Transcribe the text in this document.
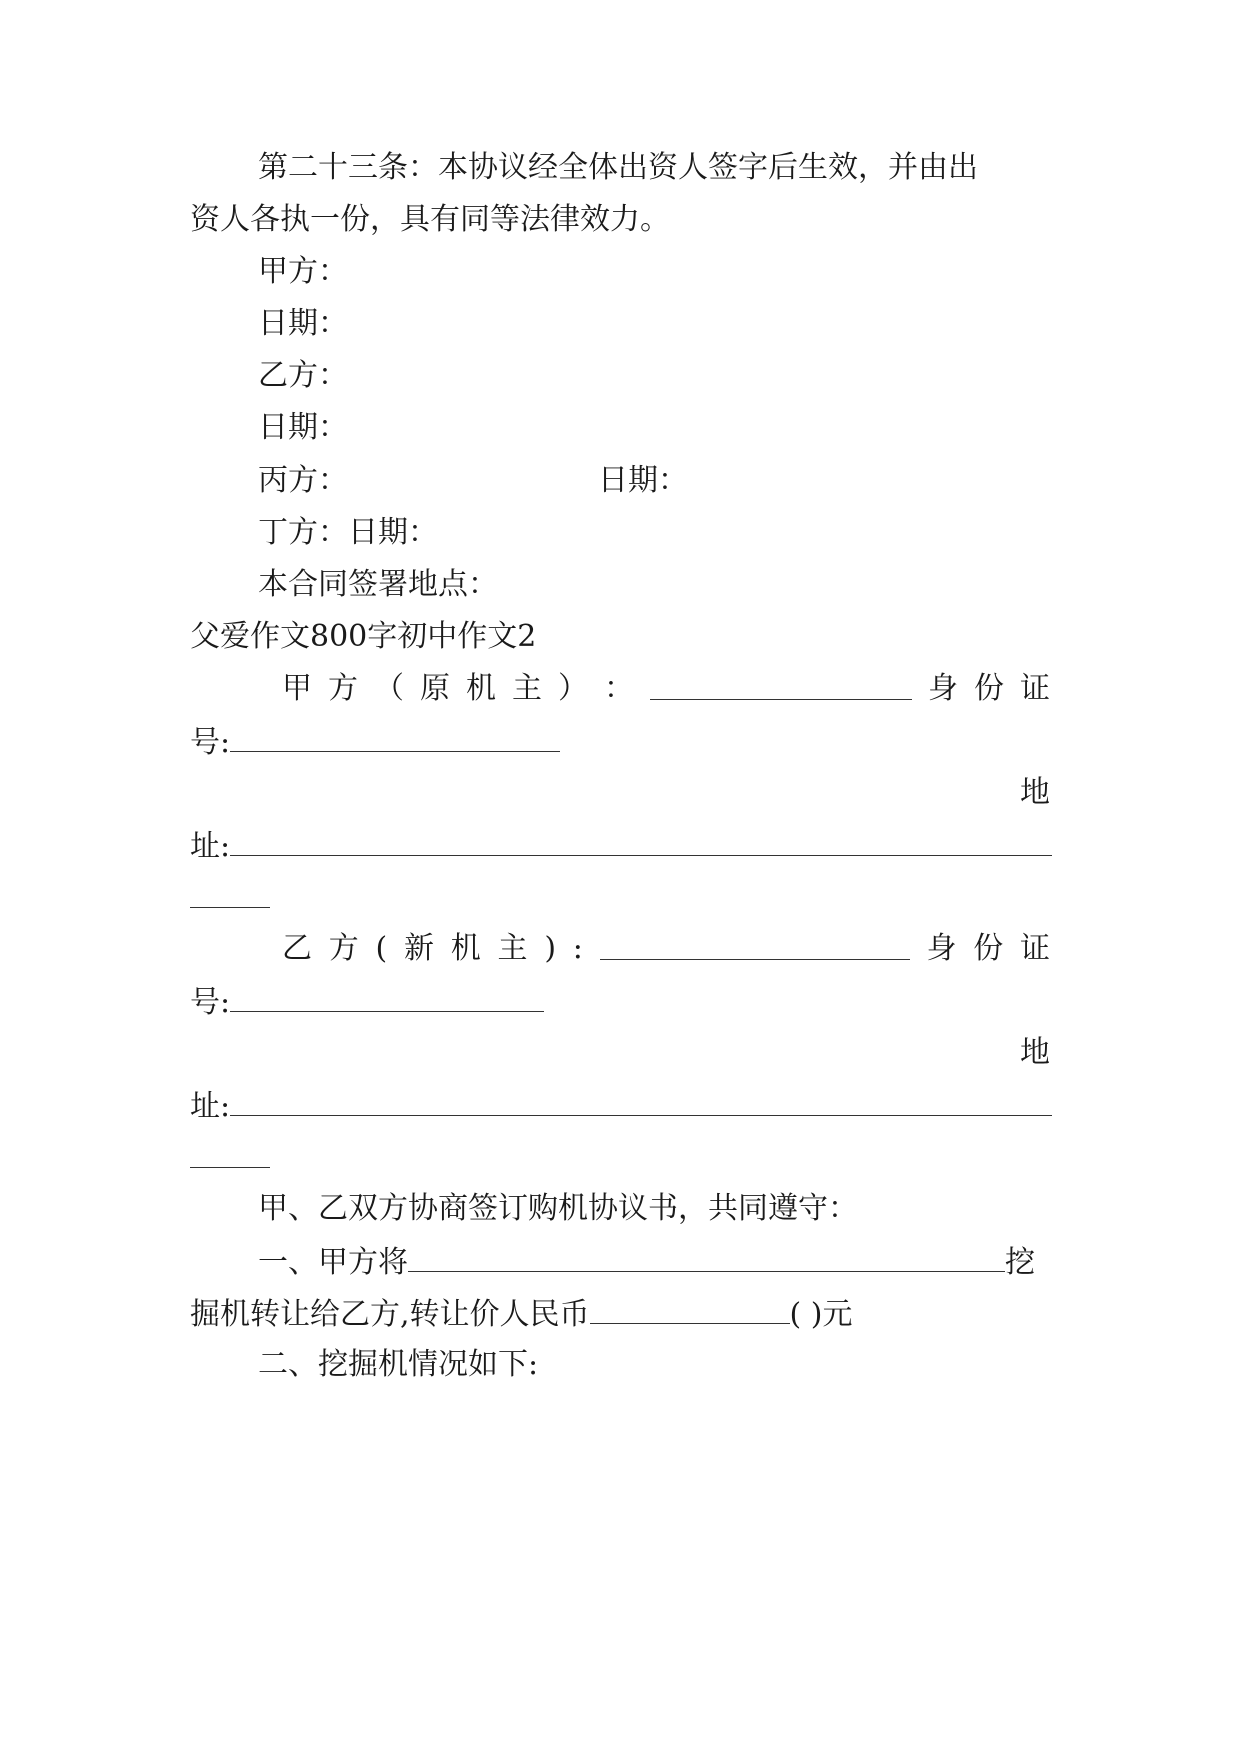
第二十三条：本协议经全体出资人签字后生效，并由出
资人各执一份，具有同等法律效力。
甲方：
日期：
乙方：
日期：
丙方：	日期：
丁方：日期：
本合同签署地点：
父爱作文800字初中作文2
甲 方 （ 原 机 主 ） ：	身 份 证
号:
地
址:
乙 方 ( 新 机 主 ) :	身 份 证
号:
地
址:
甲、乙双方协商签订购机协议书，共同遵守：
一、甲方将	挖
掘机转让给乙方,转让价人民币	( )元
二、挖掘机情况如下:
